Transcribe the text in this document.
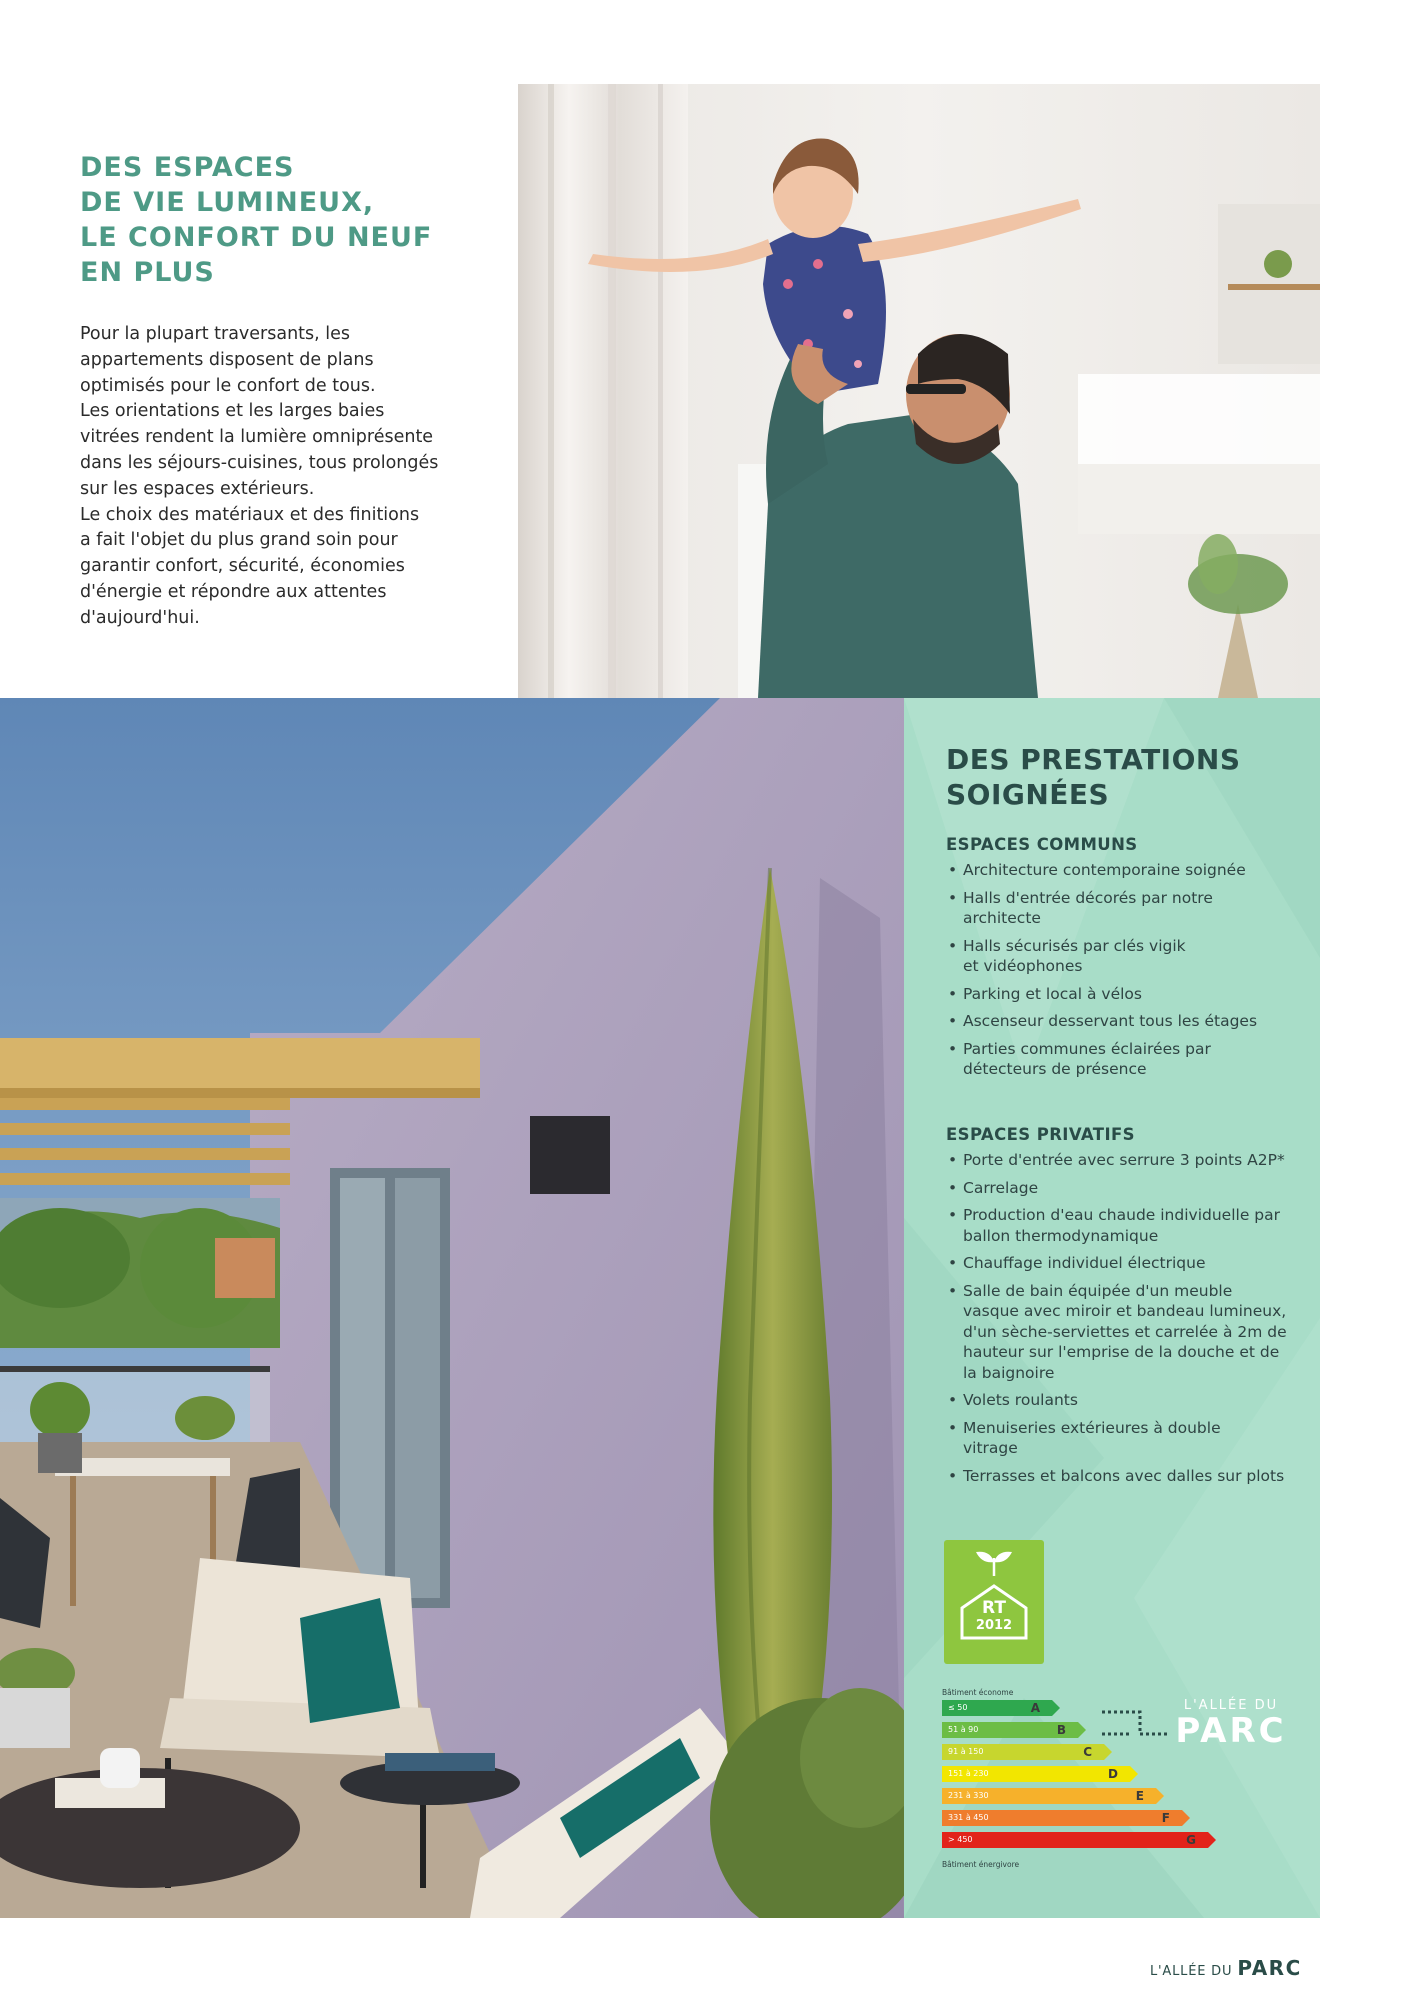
DES ESPACES
DE VIE LUMINEUX,
LE CONFORT DU NEUF
EN PLUS
Pour la plupart traversants, les
appartements disposent de plans
optimisés pour le confort de tous.
Les orientations et les larges baies
vitrées rendent la lumière omniprésente
dans les séjours-cuisines, tous prolongés
sur les espaces extérieurs.
Le choix des matériaux et des finitions
a fait l'objet du plus grand soin pour
garantir confort, sécurité, économies
d'énergie et répondre aux attentes
d'aujourd'hui.
DES PRESTATIONS
SOIGNÉES
ESPACES COMMUNS
• Architecture contemporaine soignée
• Halls d'entrée décorés par notre
architecte
• Halls sécurisés par clés vigik
et vidéophones
• Parking et local à vélos
• Ascenseur desservant tous les étages
• Parties communes éclairées par
détecteurs de présence
ESPACES PRIVATIFS
• Porte d'entrée avec serrure 3 points A2P*
• Carrelage
• Production d'eau chaude individuelle par
ballon thermodynamique
• Chauffage individuel électrique
• Salle de bain équipée d'un meuble
vasque avec miroir et bandeau lumineux,
d'un sèche-serviettes et carrelée à 2m de
hauteur sur l'emprise de la douche et de
la baignoire
• Volets roulants
• Menuiseries extérieures à double
vitrage
• Terrasses et balcons avec dalles sur plots
RT
2012
Bâtiment économe
≤ 50	A
51 à 90	B
91 à 150	C
151 à 230	D
231 à 330	E
331 à 450	F
> 450	G
Bâtiment énergivore
L'ALLÉE DU
PARC
L'ALLÉE DU PARC
